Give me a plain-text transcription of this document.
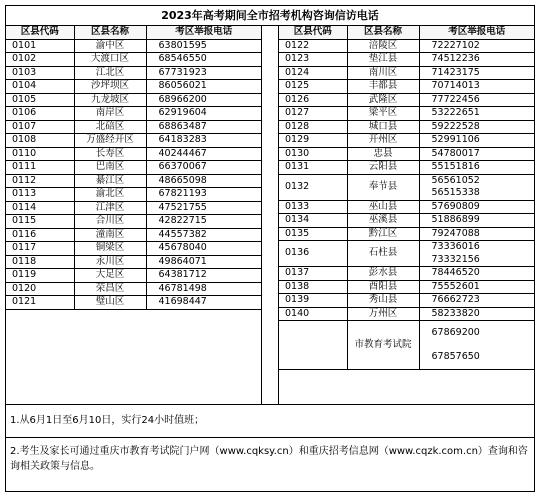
2023年高考期间全市招考机构咨询信访电话
区县代码	区县名称	考区举报电话
0101	渝中区	63801595

0102	大渡口区	68546550

0103	江北区	67731923

0104	沙坪坝区	86056021

0105	九龙坡区	68966200

0106	南岸区	62919604

0107	北碚区	68863487

0108	万盛经开区	64183283

0110	长寿区	40244467

0111	巴南区	66370067

0112	綦江区	48665098

0113	渝北区	67821193

0114	江津区	47521755

0115	合川区	42822715

0116	潼南区	44557382

0117	铜梁区	45678040

0118	永川区	49864071

0119	大足区	64381712

0120	荣昌区	46781498

0121	璧山区	41698447

区县代码	区县名称	考区举报电话
0122	涪陵区	72227102

0123	垫江县	74512236

0124	南川区	71423175

0125	丰都县	70714013

0126	武隆区	77722456

0127	梁平区	53222651

0128	城口县	59222528

0129	开州区	52991106

0130	忠县	54780017

0131	云阳县	55151816

0132	奉节县	56561052
56515338

0133	巫山县	57690809

0134	巫溪县	51886899

0135	黔江区	79247088

0136	石柱县	73336016
73332156

0137	彭水县	78446520

0138	酉阳县	75552601

0139	秀山县	76662723

0140	万州区	58233820

	市教育考试院	67869200
67857650

1.从6月1日至6月10日，实行24小时值班；
2.考生及家长可通过重庆市教育考试院门户网（www.cqksy.cn）和重庆招考信息网（www.cqzk.com.cn）查询和咨询相关政策与信息。
